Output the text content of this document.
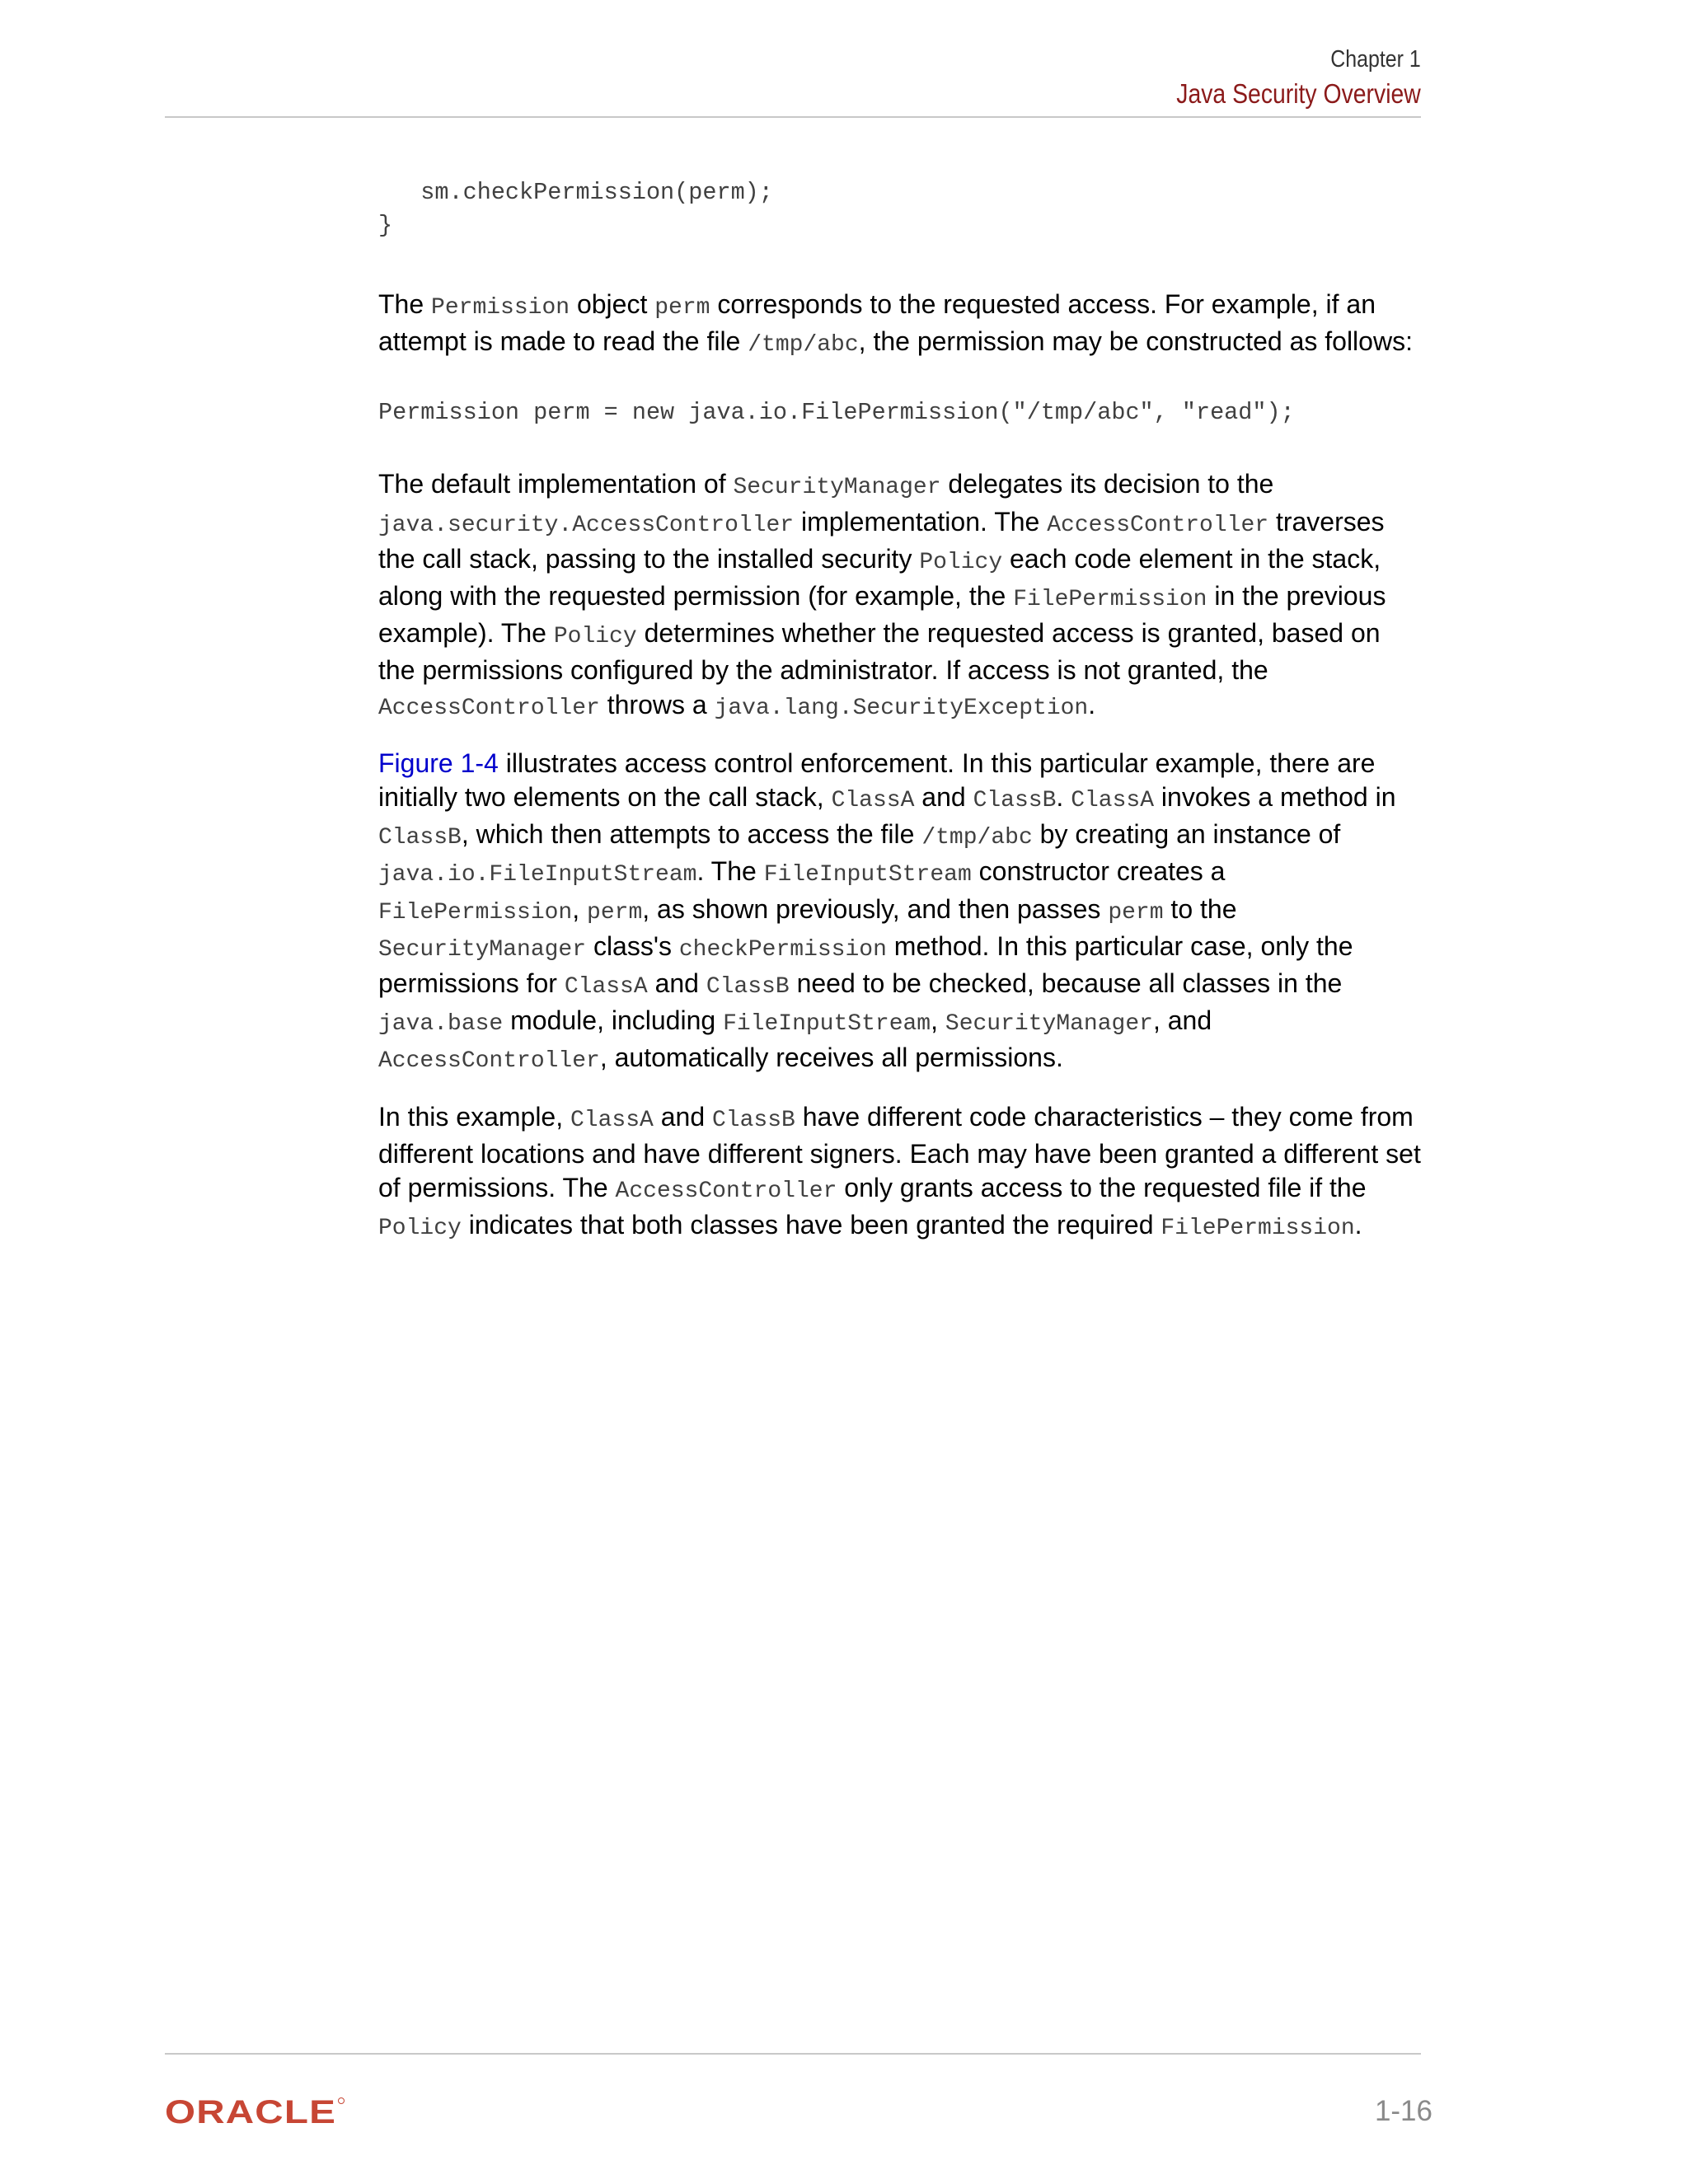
Chapter 1
Java Security Overview
sm.checkPermission(perm);
}

The Permission object perm corresponds to the requested access. For example, if an attempt is made to read the file /tmp/abc, the permission may be constructed as follows:

Permission perm = new java.io.FilePermission("/tmp/abc", "read");

The default implementation of SecurityManager delegates its decision to the java.security.AccessController implementation. The AccessController traverses the call stack, passing to the installed security Policy each code element in the stack, along with the requested permission (for example, the FilePermission in the previous example). The Policy determines whether the requested access is granted, based on the permissions configured by the administrator. If access is not granted, the AccessController throws a java.lang.SecurityException.

Figure 1-4 illustrates access control enforcement. In this particular example, there are initially two elements on the call stack, ClassA and ClassB. ClassA invokes a method in ClassB, which then attempts to access the file /tmp/abc by creating an instance of java.io.FileInputStream. The FileInputStream constructor creates a FilePermission, perm, as shown previously, and then passes perm to the SecurityManager class's checkPermission method. In this particular case, only the permissions for ClassA and ClassB need to be checked, because all classes in the java.base module, including FileInputStream, SecurityManager, and AccessController, automatically receives all permissions.

In this example, ClassA and ClassB have different code characteristics – they come from different locations and have different signers. Each may have been granted a different set of permissions. The AccessController only grants access to the requested file if the Policy indicates that both classes have been granted the required FilePermission.

ORACLE	1-16
